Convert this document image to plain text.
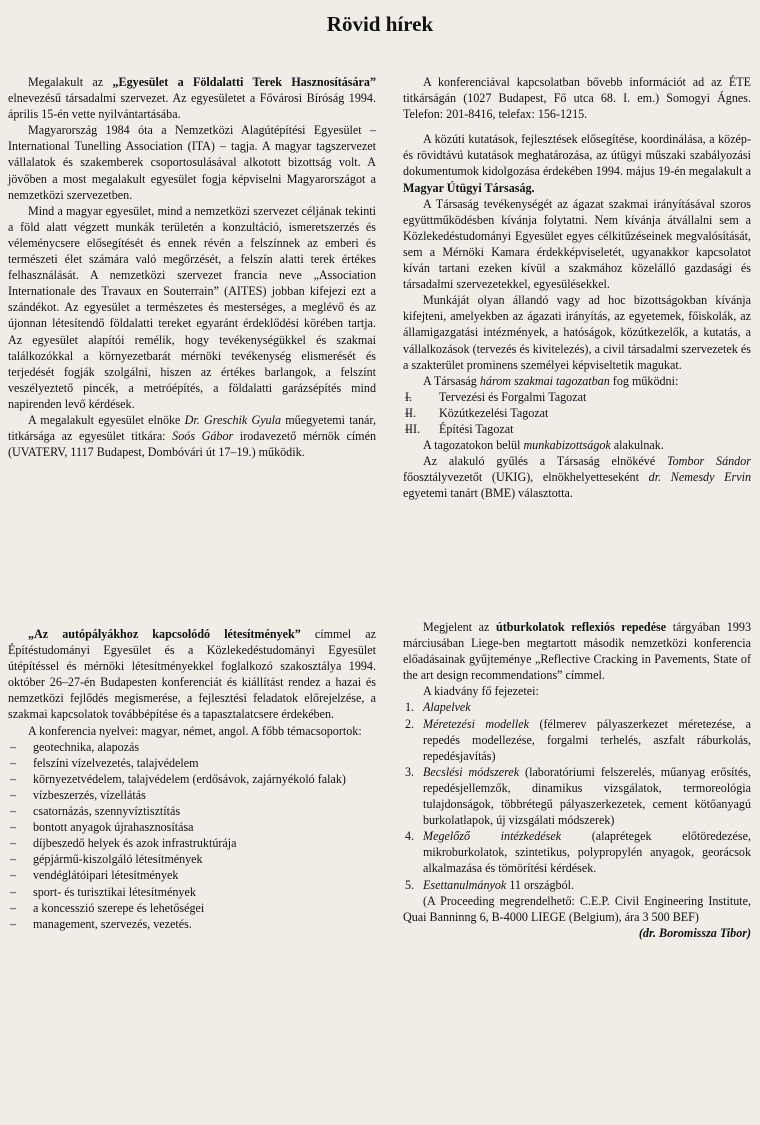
Rövid hírek

Megalakult az „Egyesület a Földalatti Terek Hasznosítására” elnevezésű társadalmi szervezet. Az egyesületet a Fővárosi Bíróság 1994. április 15-én vette nyilvántartásába.

Magyarország 1984 óta a Nemzetközi Alagútépítési Egyesület – International Tunelling Association (ITA) – tagja. A magyar tagszervezet vállalatok és szakemberek csoportosulásával alkotott bizottság volt. A jövőben a most megalakult egyesület fogja képviselni Magyarországot a nemzetközi szervezetben.

Mind a magyar egyesület, mind a nemzetközi szervezet céljának tekinti a föld alatt végzett munkák területén a konzultáció, ismeretszerzés és véleménycsere elősegítését és ennek révén a felszínnek az emberi és természeti élet számára való megőrzését, a felszín alatti terek értékes felhasználását. A nemzetközi szervezet francia neve „Association Internationale des Travaux en Souterrain” (AITES) jobban kifejezi ezt a szándékot. Az egyesület a természetes és mesterséges, a meglévő és az újonnan létesítendő földalatti tereket egyaránt érdeklődési körében tartja. Az egyesület alapítói remélik, hogy tevékenységükkel és szakmai találkozókkal a környezetbarát mérnöki tevékenység elismerését és terjedését fogják szolgálni, hiszen az értékes barlangok, a felszínt veszélyeztető pincék, a metróépítés, a földalatti garázsépítés mind napirenden levő kérdések.

A megalakult egyesület elnöke Dr. Greschik Gyula műegyetemi tanár, titkársága az egyesület titkára: Soós Gábor irodavezető mérnök címén (UVATERV, 1117 Budapest, Dombóvári út 17–19.) működik.

„Az autópályákhoz kapcsolódó létesítmények” címmel az Építéstudományi Egyesület és a Közlekedéstudományi Egyesület útépítéssel és mérnöki létesítményekkel foglalkozó szakosztálya 1994. október 26–27-én Budapesten konferenciát és kiállítást rendez a hazai és nemzetközi fejlődés megismerése, a fejlesztési feladatok előrejelzése, a szakmai kapcsolatok továbbépítése és a tapasztalatcsere érdekében.

A konferencia nyelvei: magyar, német, angol. A főbb témacsoportok:

– geotechnika, alapozás
– felszíni vízelvezetés, talajvédelem
– környezetvédelem, talajvédelem (erdősávok, zajárnyékoló falak)
– vízbeszerzés, vízellátás
– csatornázás, szennyvíztisztítás
– bontott anyagok újrahasznosítása
– díjbeszedő helyek és azok infrastruktúrája
– gépjármű-kiszolgáló létesítmények
– vendéglátóipari létesítmények
– sport- és turisztikai létesítmények
– a koncesszió szerepe és lehetőségei
– management, szervezés, vezetés.

A konferenciával kapcsolatban bővebb információt ad az ÉTE titkárságán (1027 Budapest, Fő utca 68. I. em.) Somogyi Ágnes. Telefon: 201-8416, telefax: 156-1215.

A közúti kutatások, fejlesztések elősegítése, koordinálása, a közép- és rövidtávú kutatások meghatározása, az útügyi műszaki szabályozási dokumentumok kidolgozása érdekében 1994. május 19-én megalakult a Magyar Útügyi Társaság.

A Társaság tevékenységét az ágazat szakmai irányításával szoros együttműködésben kívánja folytatni. Nem kívánja átvállalni sem a Közlekedéstudományi Egyesület egyes célkitűzéseinek megvalósítását, sem a Mérnöki Kamara érdekképviseletét, ugyanakkor kapcsolatot kíván tartani ezeken kívül a szakmához közelálló gazdasági és társadalmi szervezetekkel, egyesülésekkel.

Munkáját olyan állandó vagy ad hoc bizottságokban kívánja kifejteni, amelyekben az ágazati irányítás, az egyetemek, főiskolák, az államigazgatási intézmények, a hatóságok, közútkezelők, a kutatás, a vállalkozások (tervezés és kivitelezés), a civil társadalmi szervezetek és a szakterület prominens személyei képviseltetik magukat.

A Társaság három szakmai tagozatban fog működni:

– I. Tervezési és Forgalmi Tagozat
– II. Közútkezelési Tagozat
– III. Építési Tagozat

A tagozatokon belül munkabizottságok alakulnak.

Az alakuló gyűlés a Társaság elnökévé Tombor Sándor főosztályvezetőt (UKIG), elnökhelyetteseként dr. Nemesdy Ervin egyetemi tanárt (BME) választotta.

Megjelent az útburkolatok reflexiós repedése tárgyában 1993 márciusában Liege-ben megtartott második nemzetközi konferencia előadásainak gyűjteménye „Reflective Cracking in Pavements, State of the art design recommendations” címmel.

A kiadvány fő fejezetei:

1. Alapelvek
2. Méretezési modellek (félmerev pályaszerkezet méretezése, a repedés modellezése, forgalmi terhelés, aszfalt ráburkolás, repedésjavítás)
3. Becslési módszerek (laboratóriumi felszerelés, műanyag erősítés, repedésjellemzők, dinamikus vizsgálatok, termoreológia tulajdonságok, többrétegű pályaszerkezetek, cement kötőanyagú burkolatlapok, új vizsgálati módszerek)
4. Megelőző intézkedések (alaprétegek előtöredezése, mikroburkolatok, szintetikus, polypropylén anyagok, georácsok alkalmazása és tömörítési kérdések.
5. Esettanulmányok 11 országból.

(A Proceeding megrendelhető: C.E.P. Civil Engineering Institute, Quai Banninng 6, B-4000 LIEGE (Belgium), ára 3 500 BEF)

(dr. Boromissza Tibor)
